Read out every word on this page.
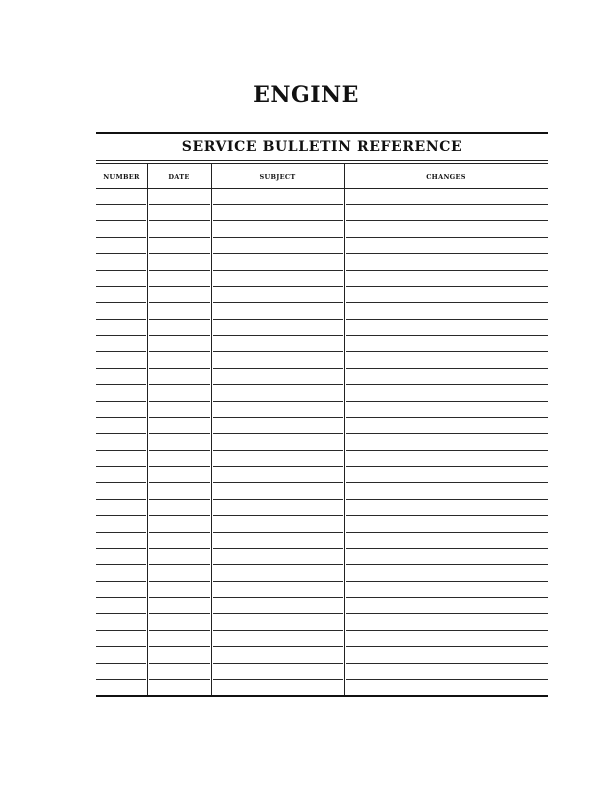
ENGINE
SERVICE BULLETIN REFERENCE
NUMBER	DATE	SUBJECT	CHANGES
